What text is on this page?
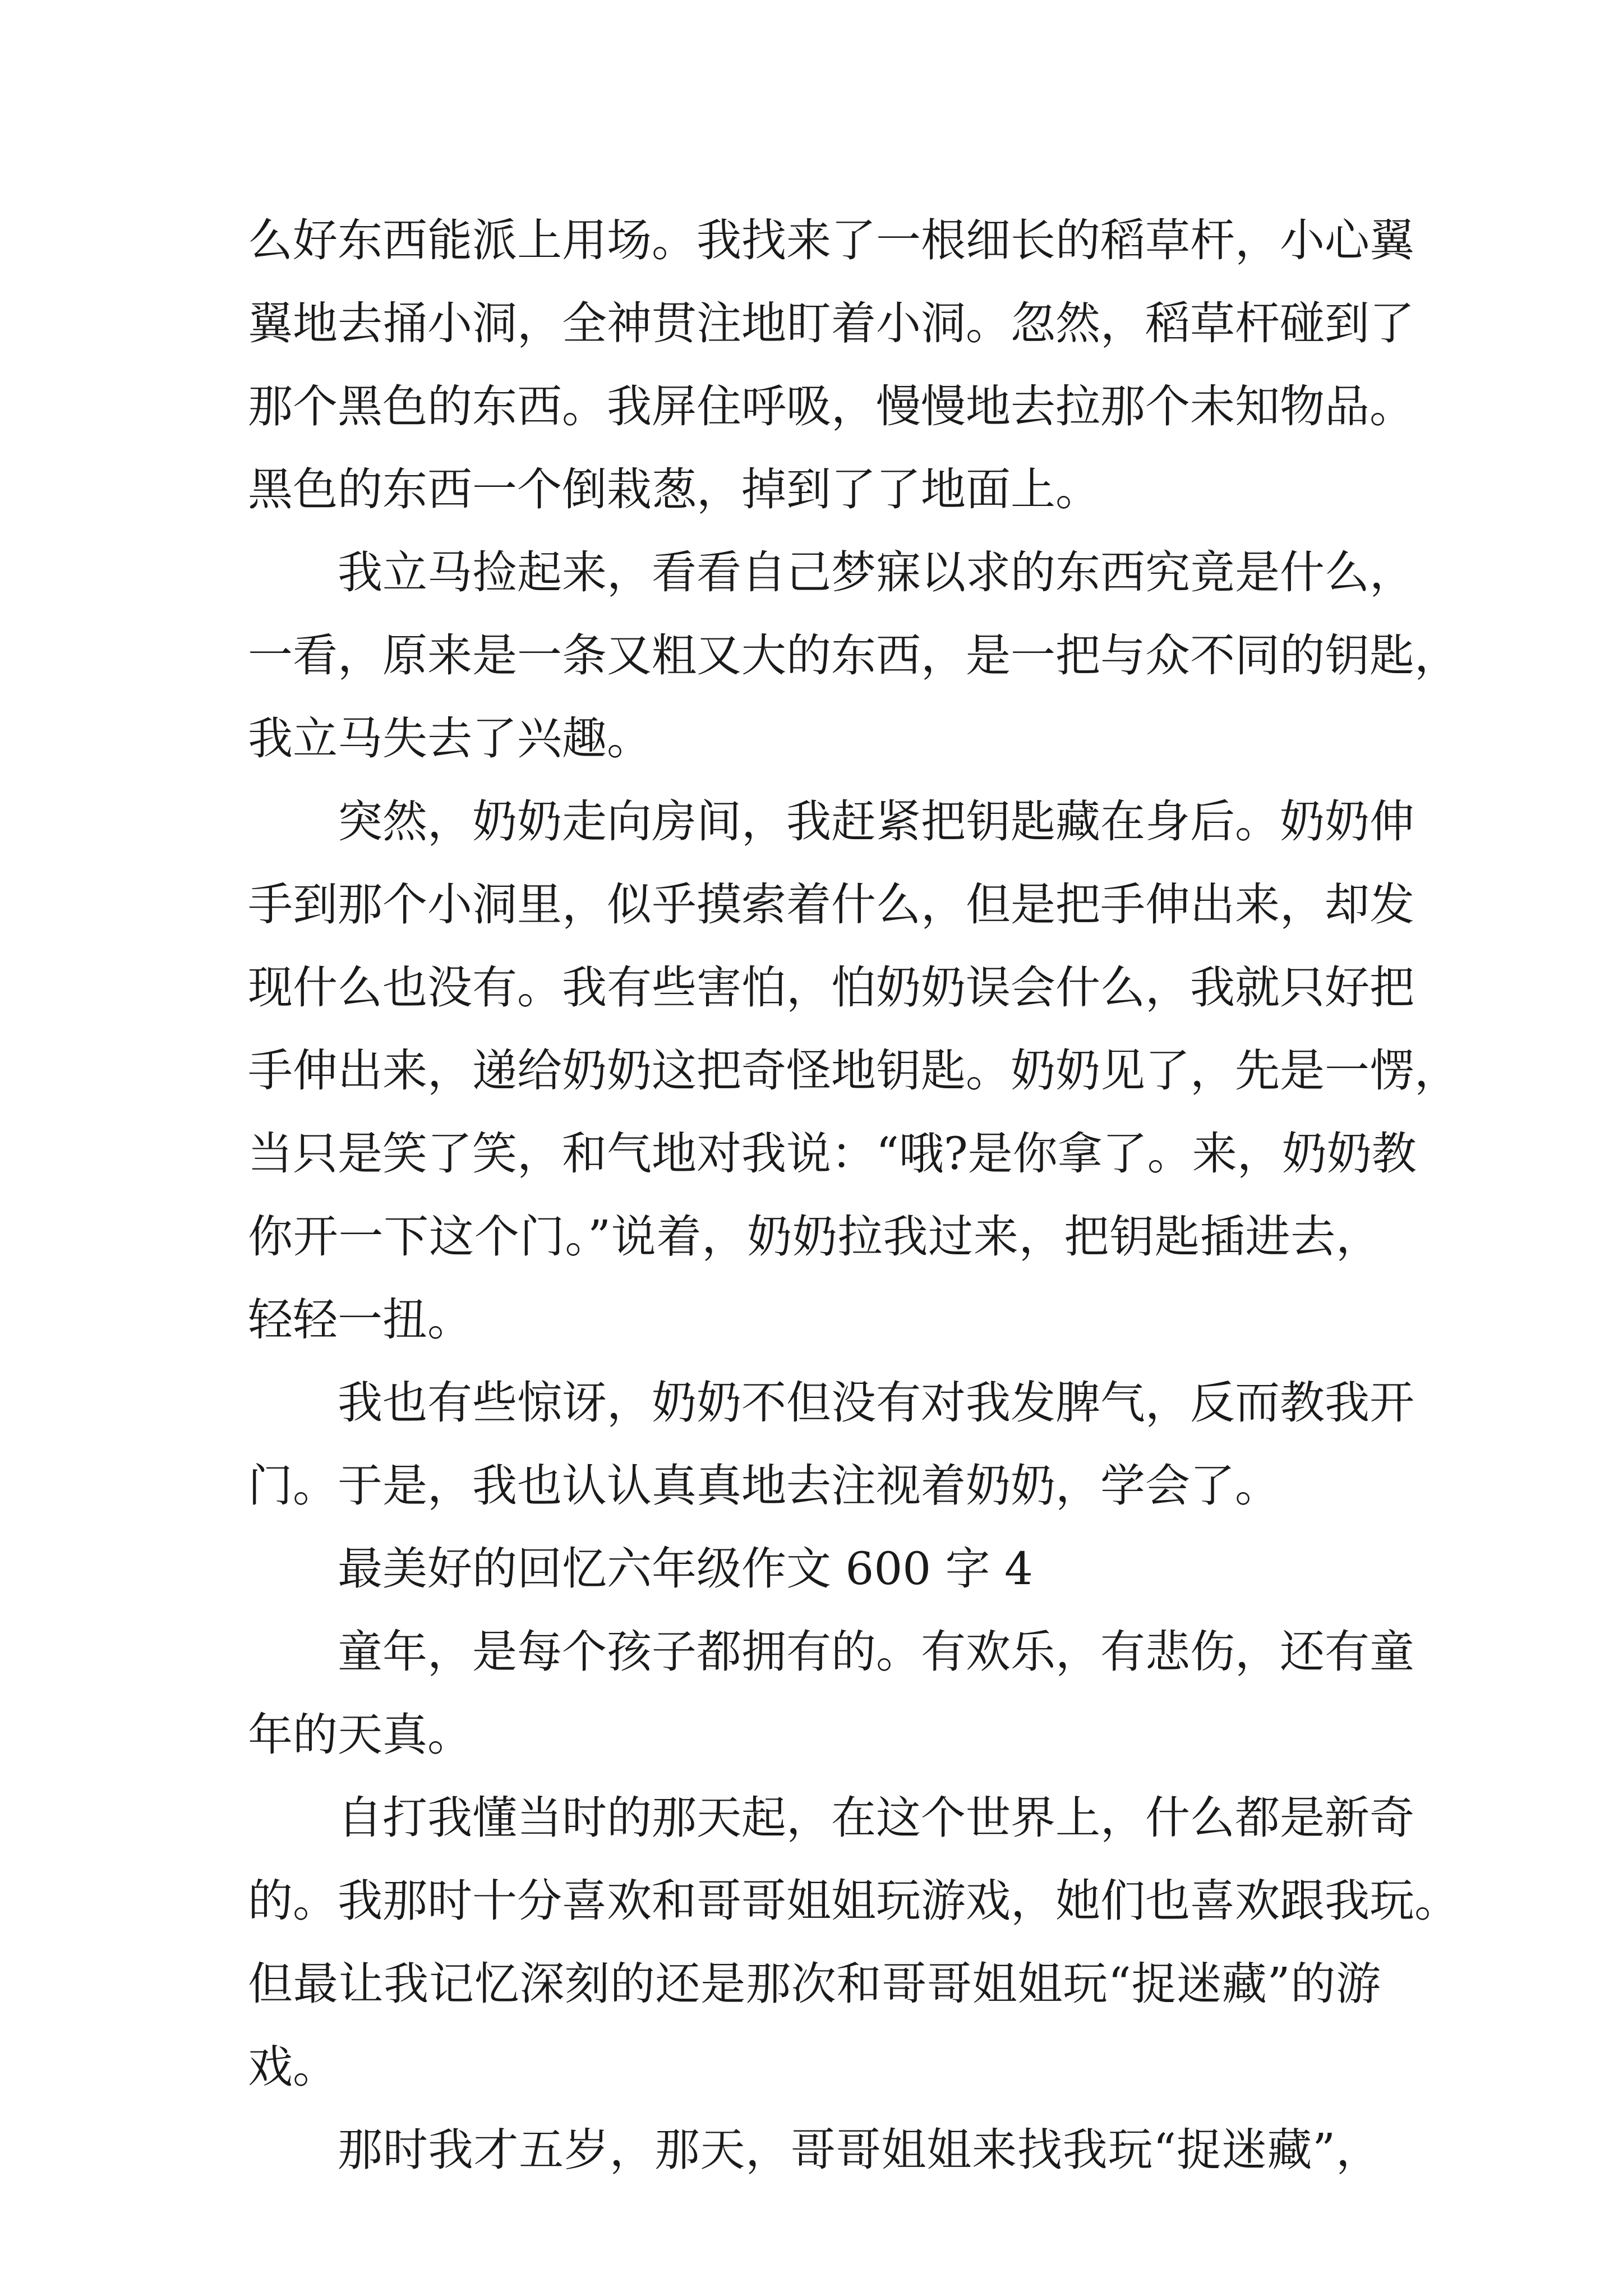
么好东西能派上用场。我找来了一根细长的稻草杆，小心翼
翼地去捅小洞，全神贯注地盯着小洞。忽然，稻草杆碰到了
那个黑色的东西。我屏住呼吸，慢慢地去拉那个未知物品。
黑色的东西一个倒栽葱，掉到了了地面上。
我立马捡起来，看看自己梦寐以求的东西究竟是什么，
一看，原来是一条又粗又大的东西，是一把与众不同的钥匙，
我立马失去了兴趣。
突然，奶奶走向房间，我赶紧把钥匙藏在身后。奶奶伸
手到那个小洞里，似乎摸索着什么，但是把手伸出来，却发
现什么也没有。我有些害怕，怕奶奶误会什么，我就只好把
手伸出来，递给奶奶这把奇怪地钥匙。奶奶见了，先是一愣，
当只是笑了笑，和气地对我说：“哦?是你拿了。来，奶奶教
你开一下这个门。”说着，奶奶拉我过来，把钥匙插进去，
轻轻一扭。
我也有些惊讶，奶奶不但没有对我发脾气，反而教我开
门。于是，我也认认真真地去注视着奶奶，学会了。
最美好的回忆六年级作文 600 字 4
童年，是每个孩子都拥有的。有欢乐，有悲伤，还有童
年的天真。
自打我懂当时的那天起，在这个世界上，什么都是新奇
的。我那时十分喜欢和哥哥姐姐玩游戏，她们也喜欢跟我玩。
但最让我记忆深刻的还是那次和哥哥姐姐玩“捉迷藏”的游
戏。
那时我才五岁，那天，哥哥姐姐来找我玩“捉迷藏”，
